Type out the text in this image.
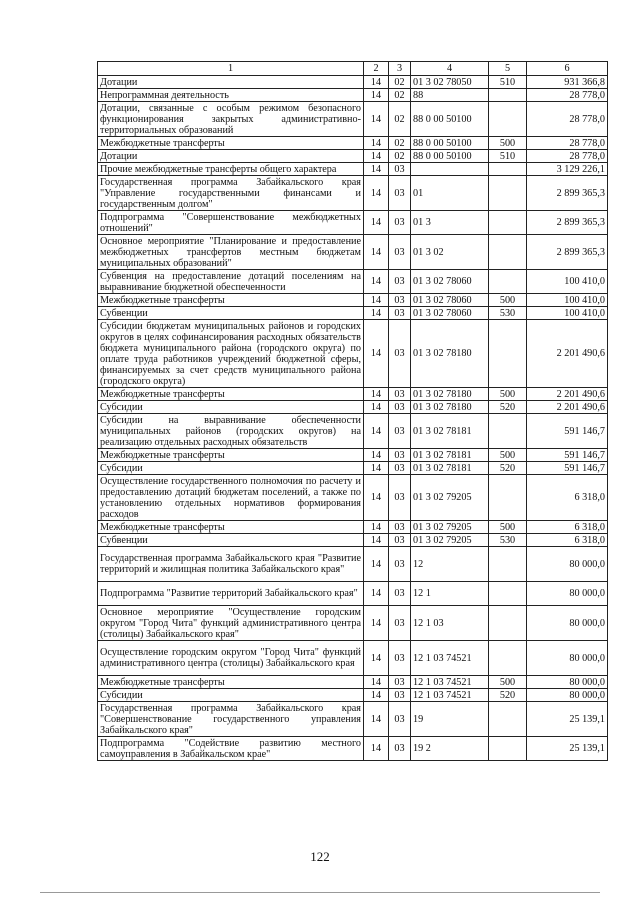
1	2	3	4	5	6
Дотации	14	02	01 3 02 78050	510	931 366,8
Непрограммная деятельность	14	02	88		28 778,0
Дотации, связанные с особым режимом безопасного функционирования закрытых административно-территориальных образований	14	02	88 0 00 50100		28 778,0
Межбюджетные трансферты	14	02	88 0 00 50100	500	28 778,0
Дотации	14	02	88 0 00 50100	510	28 778,0
Прочие межбюджетные трансферты общего характера	14	03			3 129 226,1
Государственная программа Забайкальского края "Управление государственными финансами и государственным долгом"	14	03	01		2 899 365,3
Подпрограмма "Совершенствование межбюджетных отношений"	14	03	01 3		2 899 365,3
Основное мероприятие "Планирование и предоставление межбюджетных трансфертов местным бюджетам муниципальных образований"	14	03	01 3 02		2 899 365,3
Субвенция на предоставление дотаций поселениям на выравнивание бюджетной обеспеченности	14	03	01 3 02 78060		100 410,0
Межбюджетные трансферты	14	03	01 3 02 78060	500	100 410,0
Субвенции	14	03	01 3 02 78060	530	100 410,0
Субсидии бюджетам муниципальных районов и городских округов в целях софинансирования расходных обязательств бюджета муниципального района (городского округа) по оплате труда работников учреждений бюджетной сферы, финансируемых за счет средств муниципального района (городского округа)	14	03	01 3 02 78180		2 201 490,6
Межбюджетные трансферты	14	03	01 3 02 78180	500	2 201 490,6
Субсидии	14	03	01 3 02 78180	520	2 201 490,6
Субсидии на выравнивание обеспеченности муниципальных районов (городских округов) на реализацию отдельных расходных обязательств	14	03	01 3 02 78181		591 146,7
Межбюджетные трансферты	14	03	01 3 02 78181	500	591 146,7
Субсидии	14	03	01 3 02 78181	520	591 146,7
Осуществление государственного полномочия по расчету и предоставлению дотаций бюджетам поселений, а также по установлению отдельных нормативов формирования расходов	14	03	01 3 02 79205		6 318,0
Межбюджетные трансферты	14	03	01 3 02 79205	500	6 318,0
Субвенции	14	03	01 3 02 79205	530	6 318,0
Государственная программа Забайкальского края "Развитие территорий и жилищная политика Забайкальского края"	14	03	12		80 000,0
Подпрограмма "Развитие территорий Забайкальского края"	14	03	12 1		80 000,0
Основное мероприятие "Осуществление городским округом "Город Чита" функций административного центра (столицы) Забайкальского края"	14	03	12 1 03		80 000,0
Осуществление городским округом "Город Чита" функций административного центра (столицы) Забайкальского края	14	03	12 1 03 74521		80 000,0
Межбюджетные трансферты	14	03	12 1 03 74521	500	80 000,0
Субсидии	14	03	12 1 03 74521	520	80 000,0
Государственная программа Забайкальского края "Совершенствование государственного управления Забайкальского края"	14	03	19		25 139,1
Подпрограмма "Содействие развитию местного самоуправления в Забайкальском крае"	14	03	19 2		25 139,1
122
